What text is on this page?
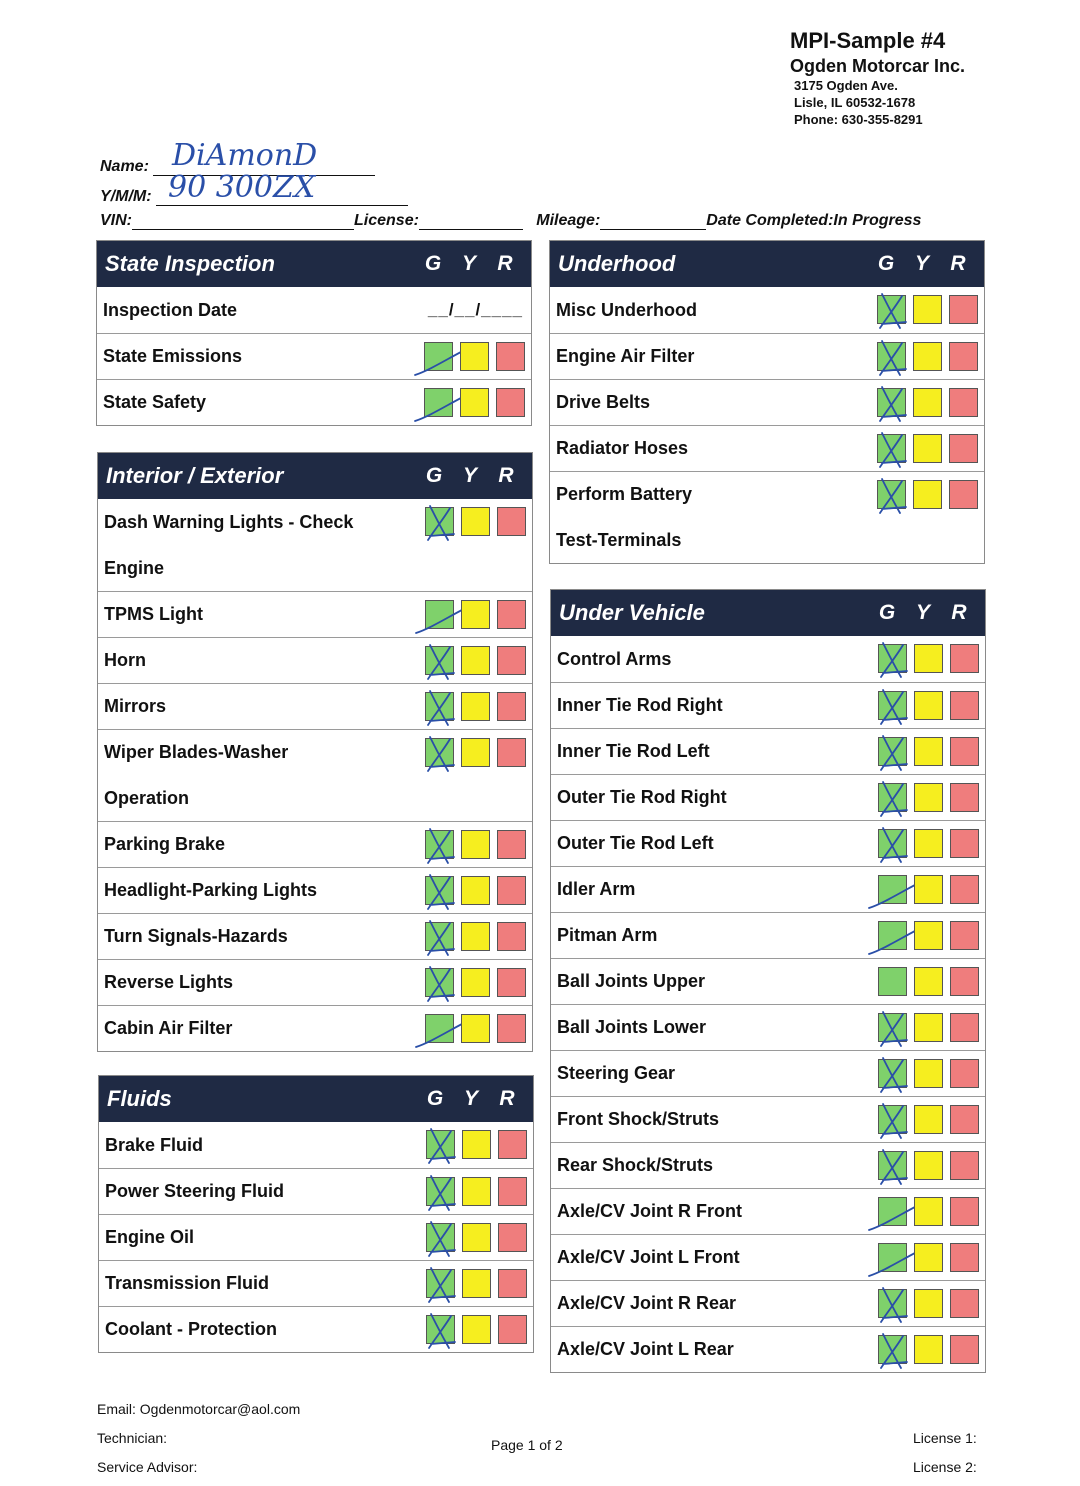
MPI-Sample #4
Ogden Motorcar Inc.
3175 Ogden Ave.
Lisle, IL 60532-1678
Phone: 630-355-8291
Name: DiAmonD
Y/M/M: 90 300ZX
VIN:	License:	Mileage:	Date Completed:In Progress
State Inspection	G Y	R
Inspection Date	__/__/____
State Emissions
State Safety
Interior / Exterior	G Y	R
Dash Warning Lights - Check
Engine
TPMS Light
Horn
Mirrors
Wiper Blades-Washer
Operation
Parking Brake
Headlight-Parking Lights
Turn Signals-Hazards
Reverse Lights
Cabin Air Filter
Fluids	G Y	R
Brake Fluid
Power Steering Fluid
Engine Oil
Transmission Fluid
Coolant - Protection
Underhood	G Y	R
Misc Underhood
Engine Air Filter
Drive Belts
Radiator Hoses
Perform Battery
Test-Terminals
Under Vehicle	G Y	R
Control Arms
Inner Tie Rod Right
Inner Tie Rod Left
Outer Tie Rod Right
Outer Tie Rod Left
Idler Arm
Pitman Arm
Ball Joints Upper
Ball Joints Lower
Steering Gear
Front Shock/Struts
Rear Shock/Struts
Axle/CV Joint R Front
Axle/CV Joint L Front
Axle/CV Joint R Rear
Axle/CV Joint L Rear
Email: Ogdenmotorcar@aol.com
Technician:
Service Advisor:
Page 1 of 2	License 1:
License 2:
